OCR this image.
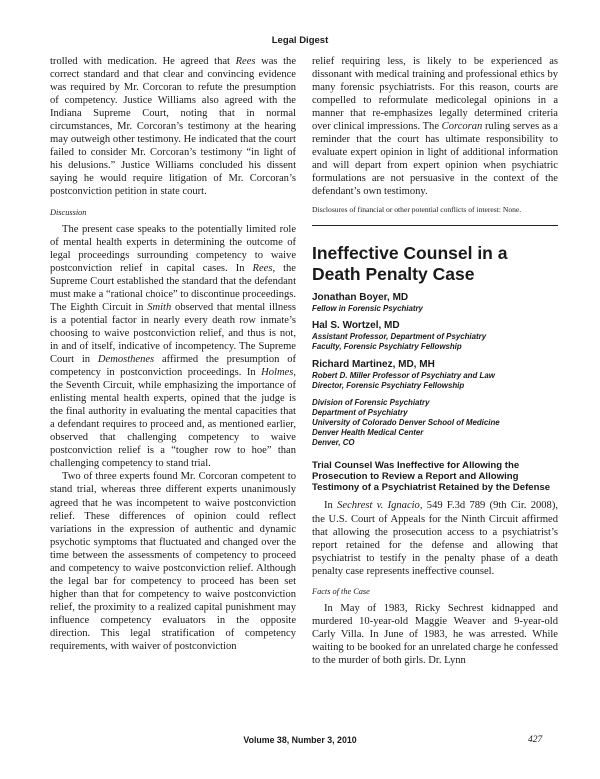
Legal Digest

trolled with medication. He agreed that Rees was the correct standard and that clear and convincing evidence was required by Mr. Corcoran to refute the presumption of competency. Justice Williams also agreed with the Indiana Supreme Court, noting that in normal circumstances, Mr. Corcoran’s testimony at the hearing may outweigh other testimony. He indicated that the court failed to consider Mr. Corcoran’s testimony “in light of his delusions.” Justice Williams concluded his dissent saying he would require litigation of Mr. Corcoran’s postconviction petition in state court.

Discussion

The present case speaks to the potentially limited role of mental health experts in determining the outcome of legal proceedings surrounding competency to waive postconviction relief in capital cases. In Rees, the Supreme Court established the standard that the defendant must make a “rational choice” to discontinue proceedings. The Eighth Circuit in Smith observed that mental illness is a potential factor in nearly every death row inmate’s choosing to waive postconviction relief, and thus is not, in and of itself, indicative of incompetency. The Supreme Court in Demosthenes affirmed the presumption of competency in postconviction proceedings. In Holmes, the Seventh Circuit, while emphasizing the importance of enlisting mental health experts, opined that the judge is the final authority in evaluating the mental capacities that a defendant requires to proceed and, as mentioned earlier, observed that challenging competency to waive postconviction relief is a “tougher row to hoe” than challenging competency to stand trial.

Two of three experts found Mr. Corcoran competent to stand trial, whereas three different experts unanimously agreed that he was incompetent to waive postconviction relief. These differences of opinion could reflect variations in the expression of authentic and dynamic psychotic symptoms that fluctuated and changed over the time between the assessments of competency to proceed and competency to waive postconviction relief. Although the legal bar for competency to proceed has been set higher than that for competency to waive postconviction relief, the proximity to a realized capital punishment may influence competency evaluators in the opposite direction. This legal stratification of competency requirements, with waiver of postconviction

relief requiring less, is likely to be experienced as dissonant with medical training and professional ethics by many forensic psychiatrists. For this reason, courts are compelled to reformulate medicolegal opinions in a manner that re-emphasizes legally determined criteria over clinical impressions. The Corcoran ruling serves as a reminder that the court has ultimate responsibility to evaluate expert opinion in light of additional information and will depart from expert opinion when psychiatric formulations are not persuasive in the context of the defendant’s own testimony.

Disclosures of financial or other potential conflicts of interest: None.

Ineffective Counsel in a Death Penalty Case
Jonathan Boyer, MD
Fellow in Forensic Psychiatry
Hal S. Wortzel, MD
Assistant Professor, Department of Psychiatry
Faculty, Forensic Psychiatry Fellowship
Richard Martinez, MD, MH
Robert D. Miller Professor of Psychiatry and Law
Director, Forensic Psychiatry Fellowship
Division of Forensic Psychiatry
Department of Psychiatry
University of Colorado Denver School of Medicine
Denver Health Medical Center
Denver, CO
Trial Counsel Was Ineffective for Allowing the Prosecution to Review a Report and Allowing Testimony of a Psychiatrist Retained by the Defense

In Sechrest v. Ignacio, 549 F.3d 789 (9th Cir. 2008), the U.S. Court of Appeals for the Ninth Circuit affirmed that allowing the prosecution access to a psychiatrist’s report retained for the defense and allowing that psychiatrist to testify in the penalty phase of a death penalty case represents ineffective counsel.

Facts of the Case

In May of 1983, Ricky Sechrest kidnapped and murdered 10-year-old Maggie Weaver and 9-year-old Carly Villa. In June of 1983, he was arrested. While waiting to be booked for an unrelated charge he confessed to the murder of both girls. Dr. Lynn

Volume 38, Number 3, 2010	427
